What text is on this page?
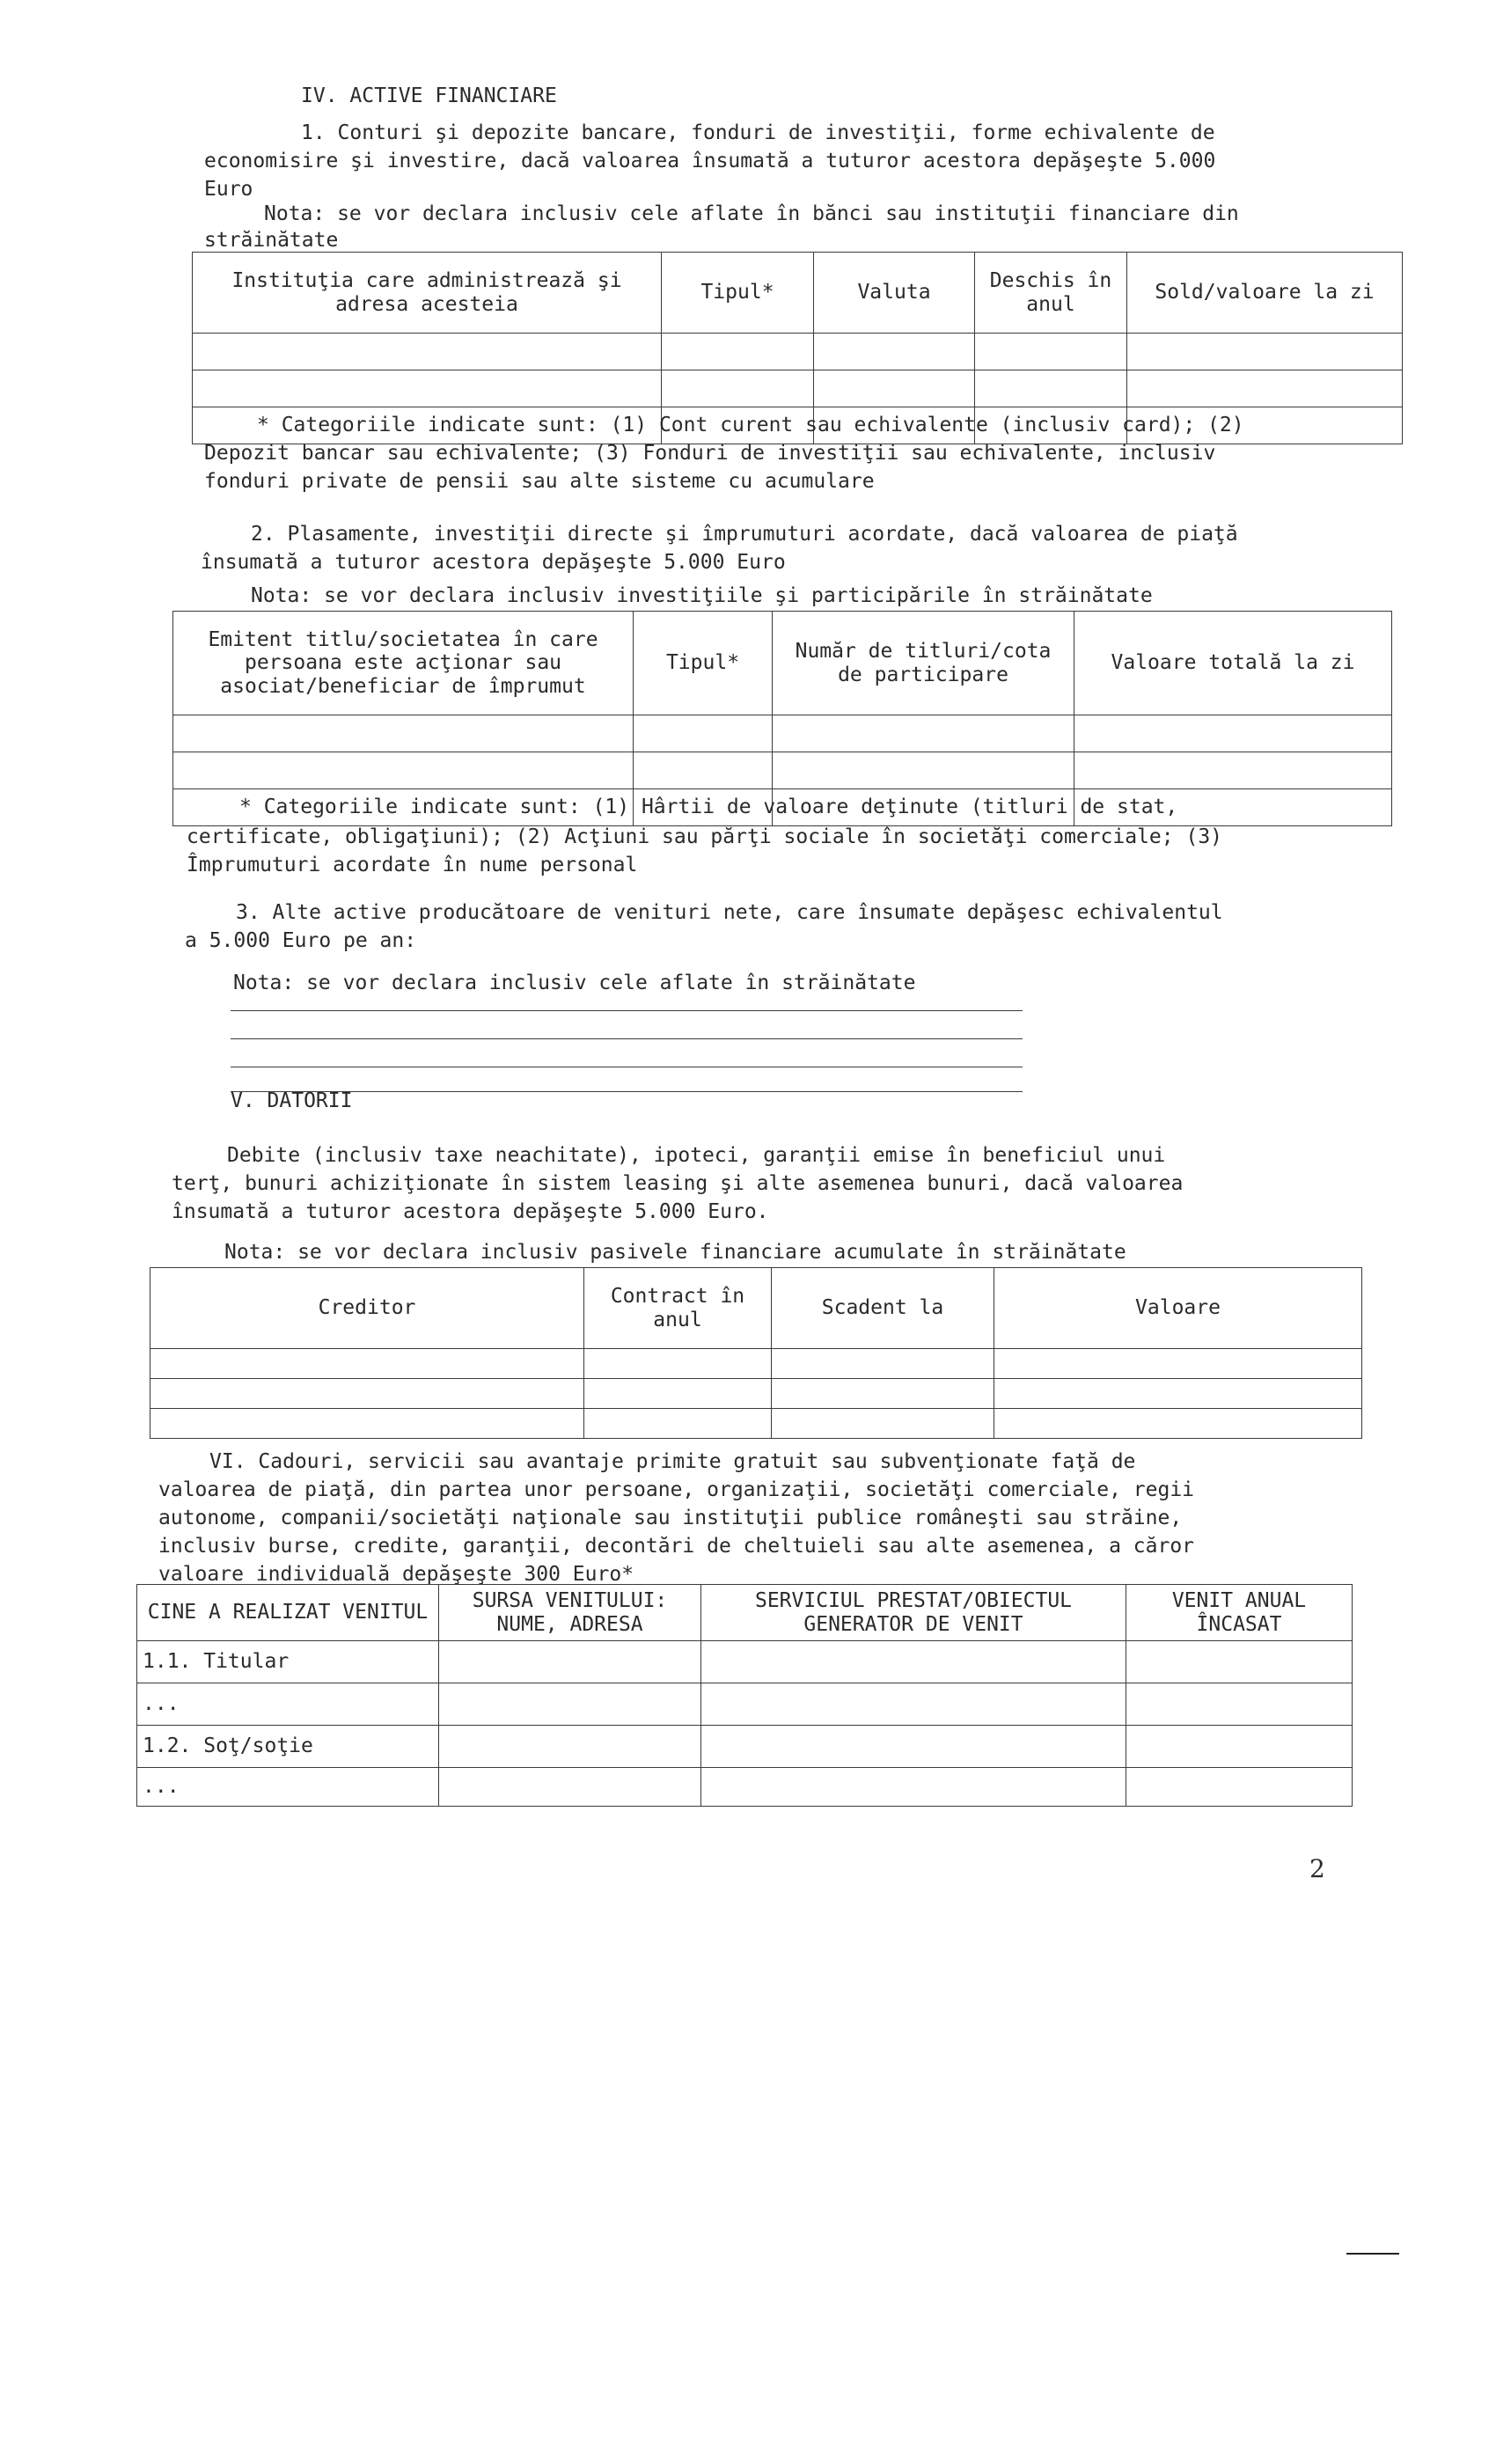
IV. ACTIVE FINANCIARE
1. Conturi şi depozite bancare, fonduri de investiţii, forme echivalente de
economisire şi investire, dacă valoarea însumată a tuturor acestora depăşeşte 5.000
Euro
Nota: se vor declara inclusiv cele aflate în bănci sau instituţii financiare din
străinătate
Instituţia care administrează şi adresa acesteia	Tipul*	Valuta	Deschis în anul	Sold/valoare la zi

* Categoriile indicate sunt: (1) Cont curent sau echivalente (inclusiv card); (2)
Depozit bancar sau echivalente; (3) Fonduri de investiţii sau echivalente, inclusiv
fonduri private de pensii sau alte sisteme cu acumulare
2. Plasamente, investiţii directe şi împrumuturi acordate, dacă valoarea de piaţă
însumată a tuturor acestora depăşeşte 5.000 Euro
Nota: se vor declara inclusiv investiţiile şi participările în străinătate
Emitent titlu/societatea în care persoana este acţionar sau asociat/beneficiar de împrumut	Tipul*	Număr de titluri/cota de participare	Valoare totală la zi

* Categoriile indicate sunt: (1) Hârtii de valoare deţinute (titluri de stat,
certificate, obligaţiuni); (2) Acţiuni sau părţi sociale în societăţi comerciale; (3)
Împrumuturi acordate în nume personal
3. Alte active producătoare de venituri nete, care însumate depăşesc echivalentul
a 5.000 Euro pe an:
Nota: se vor declara inclusiv cele aflate în străinătate
V. DATORII
Debite (inclusiv taxe neachitate), ipoteci, garanţii emise în beneficiul unui
terţ, bunuri achiziţionate în sistem leasing şi alte asemenea bunuri, dacă valoarea
însumată a tuturor acestora depăşeşte 5.000 Euro.
Nota: se vor declara inclusiv pasivele financiare acumulate în străinătate
Creditor	Contract în anul	Scadent la	Valoare

VI. Cadouri, servicii sau avantaje primite gratuit sau subvenţionate faţă de
valoarea de piaţă, din partea unor persoane, organizaţii, societăţi comerciale, regii
autonome, companii/societăţi naţionale sau instituţii publice româneşti sau străine,
inclusiv burse, credite, garanţii, decontări de cheltuieli sau alte asemenea, a căror
valoare individuală depăşeşte 300 Euro*
CINE A REALIZAT VENITUL	SURSA VENITULUI: NUME, ADRESA	SERVICIUL PRESTAT/OBIECTUL GENERATOR DE VENIT	VENIT ANUAL ÎNCASAT
1.1. Titular			
...			
1.2. Soţ/soţie			
...			
2
